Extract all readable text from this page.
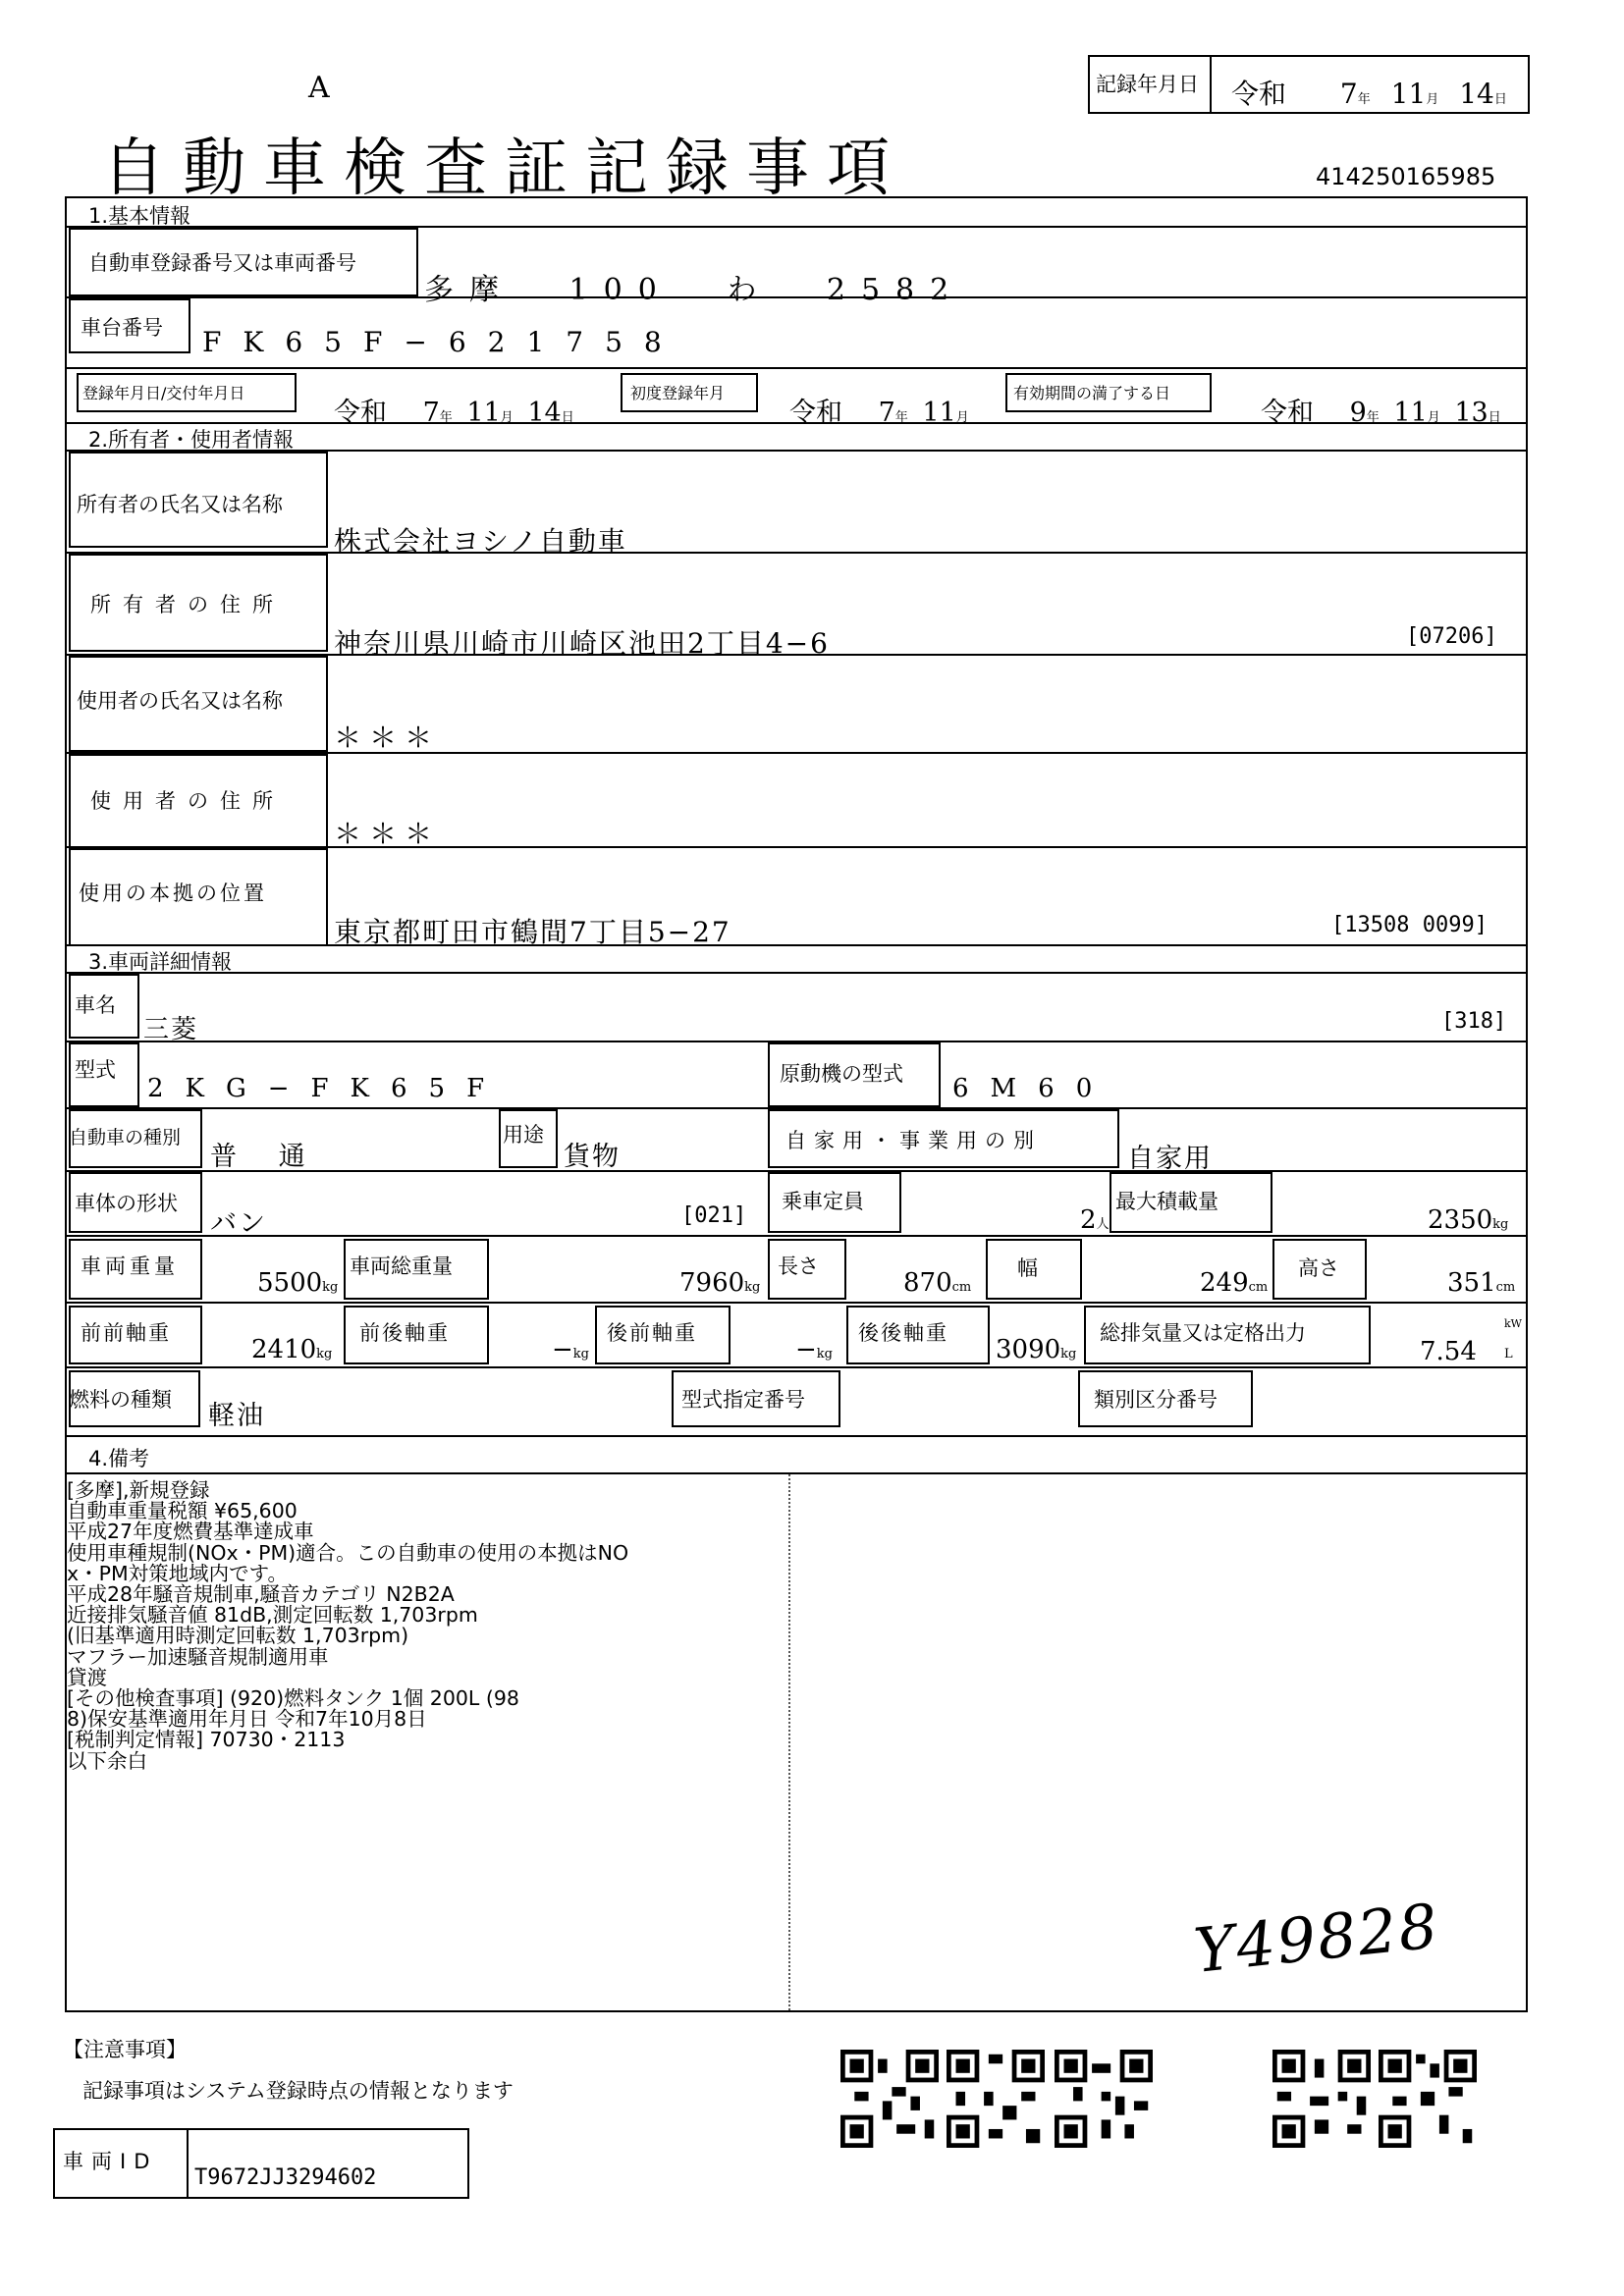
A
自動車検査証記録事項
記録年月日 令和 7年 11月 14日
414250165985
1.基本情報
自動車登録番号又は車両番号
多摩 100 わ 2582
車台番号 FK65F−621758
登録年月日/交付年月日
令和 7年 11月 14日
初度登録年月
令和 7年 11月
有効期間の満了する日
令和 9年 11月 13日
2.所有者・使用者情報
所有者の氏名又は名称
株式会社ヨシノ自動車
所有者の住所
神奈川県川崎市川崎区池田2丁目4−6	[07206]
使用者の氏名又は名称
＊＊＊
使用者の住所
＊＊＊
使用の本拠の位置
東京都町田市鶴間7丁目5−27	[13508 0099]
3.車両詳細情報
車名
三菱	[318]
型式
2KG−FK65F	原動機の型式 6M60
自動車の種別
普 通
用途
貨物
自家用・事業用の別
自家用
車体の形状
バン	[021]
乗車定員
2人
最大積載量
2350kg
車両重量
5500kg
車両総重量
7960kg
長さ
870cm
幅	249cm
高さ	351cm
前前軸重
2410kg
前後軸重
−kg
後前軸重
−kg
後後軸重
3090kg
総排気量又は定格出力
7.54
kW
L
燃料の種類
軽油
型式指定番号	類別区分番号
4.備考
[多摩],新規登録
自動車重量税額 ¥65,600
平成27年度燃費基準達成車
使用車種規制(NOx・PM)適合。この自動車の使用の本拠はNO
x・PM対策地域内です。
平成28年騒音規制車,騒音カテゴリ N2B2A
近接排気騒音値 81dB,測定回転数 1,703rpm
(旧基準適用時測定回転数 1,703rpm)
マフラー加速騒音規制適用車
貸渡
[その他検査事項] (920)燃料タンク 1個 200L (98
8)保安基準適用年月日 令和7年10月8日
[税制判定情報] 70730・2113
以下余白
Y49828
【注意事項】
記録事項はシステム登録時点の情報となります
車両ID
T9672JJ3294602
